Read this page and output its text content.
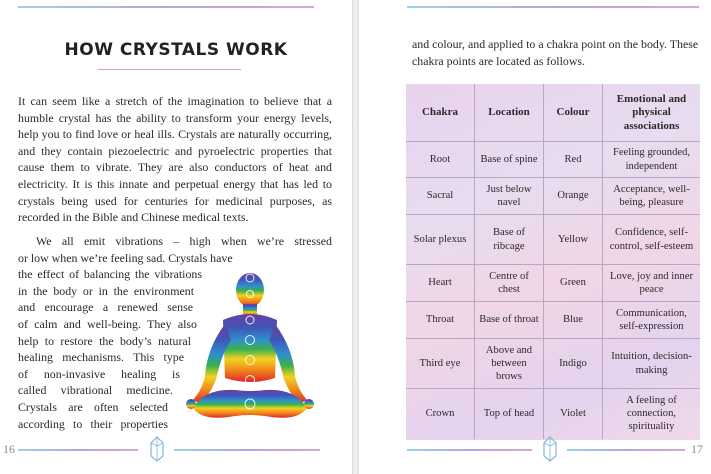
HOW CRYSTALS WORK

It can seem like a stretch of the imagination to believe that a humble crystal has the ability to transform your energy levels, help you to find love or heal ills. Crystals are naturally occurring, and they contain piezoelectric and pyroelectric properties that cause them to vibrate. They are also conductors of heat and electricity. It is this innate and perpetual energy that has led to crystals being used for centuries for medicinal purposes, as recorded in the Bible and Chinese medical texts.

We all emit vibrations – high when we’re stressed
or low when we’re feeling sad. Crystals have
the effect of balancing the vibrations
in the body or in the environment
and encourage a renewed sense
of calm and well-being. They also
help to restore the body’s natural
healing mechanisms. This type
of non-invasive healing is
called vibrational medicine.
Crystals are often selected
according to their properties
16
and colour, and applied to a chakra point on the body. These chakra points are located as follows.
Chakra	Location	Colour	Emotional and physical associations
Root	Base of spine	Red	Feeling grounded, independent
Sacral	Just below navel	Orange	Acceptance, well-being, pleasure
Solar plexus	Base of ribcage	Yellow	Confidence, self-control, self-esteem
Heart	Centre of chest	Green	Love, joy and inner peace
Throat	Base of throat	Blue	Communication, self-expression
Third eye	Above and between brows	Indigo	Intuition, decision-making
Crown	Top of head	Violet	A feeling of connection, spirituality
17
